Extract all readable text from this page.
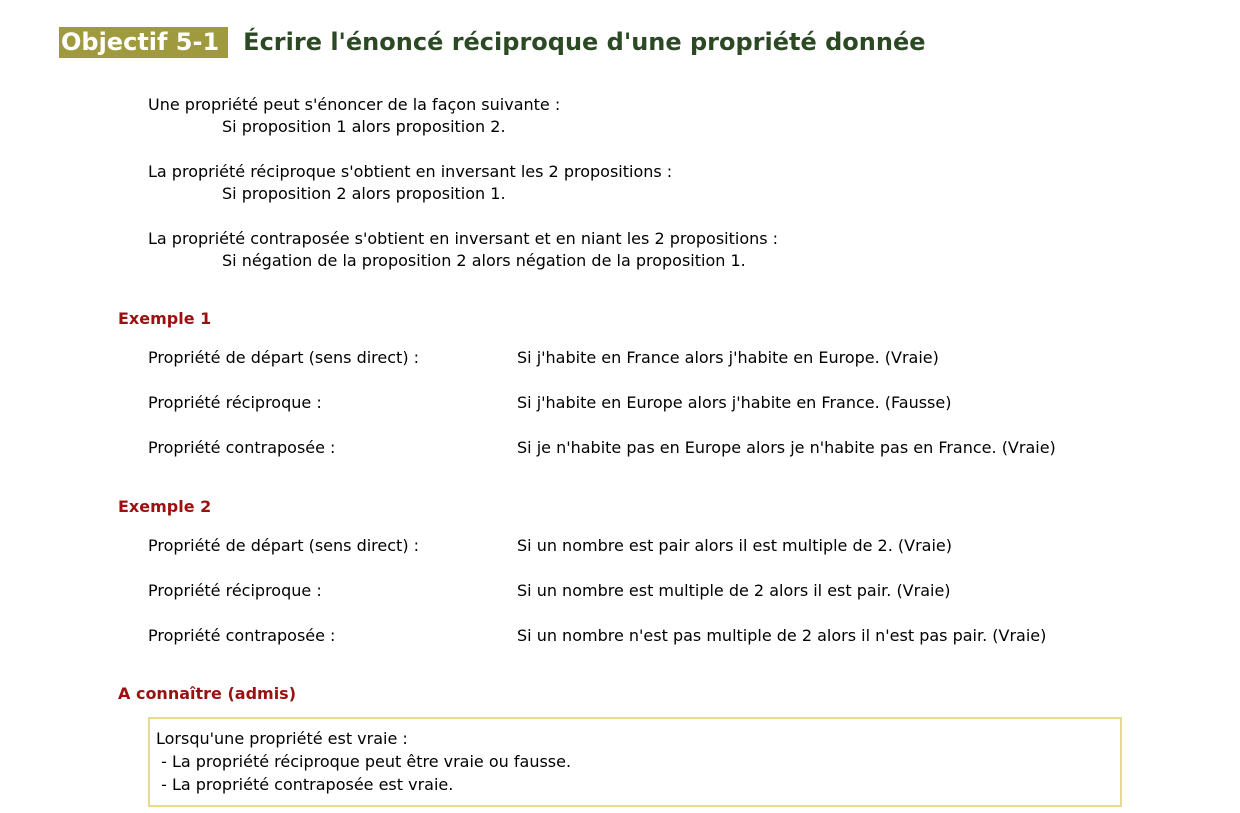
Objectif 5-1	Écrire l'énoncé réciproque d'une propriété donnée
Une propriété peut s'énoncer de la façon suivante :
Si proposition 1 alors proposition 2.
La propriété réciproque s'obtient en inversant les 2 propositions :
Si proposition 2 alors proposition 1.
La propriété contraposée s'obtient en inversant et en niant les 2 propositions :
Si négation de la proposition 2 alors négation de la proposition 1.
Exemple 1
Propriété de départ (sens direct) :	Si j'habite en France alors j'habite en Europe. (Vraie)
Propriété réciproque :	Si j'habite en Europe alors j'habite en France. (Fausse)
Propriété contraposée :	Si je n'habite pas en Europe alors je n'habite pas en France. (Vraie)
Exemple 2
Propriété de départ (sens direct) :	Si un nombre est pair alors il est multiple de 2. (Vraie)
Propriété réciproque :	Si un nombre est multiple de 2 alors il est pair. (Vraie)
Propriété contraposée :	Si un nombre n'est pas multiple de 2 alors il n'est pas pair. (Vraie)
A connaître (admis)
Lorsqu'une propriété est vraie :
- La propriété réciproque peut être vraie ou fausse.
- La propriété contraposée est vraie.
